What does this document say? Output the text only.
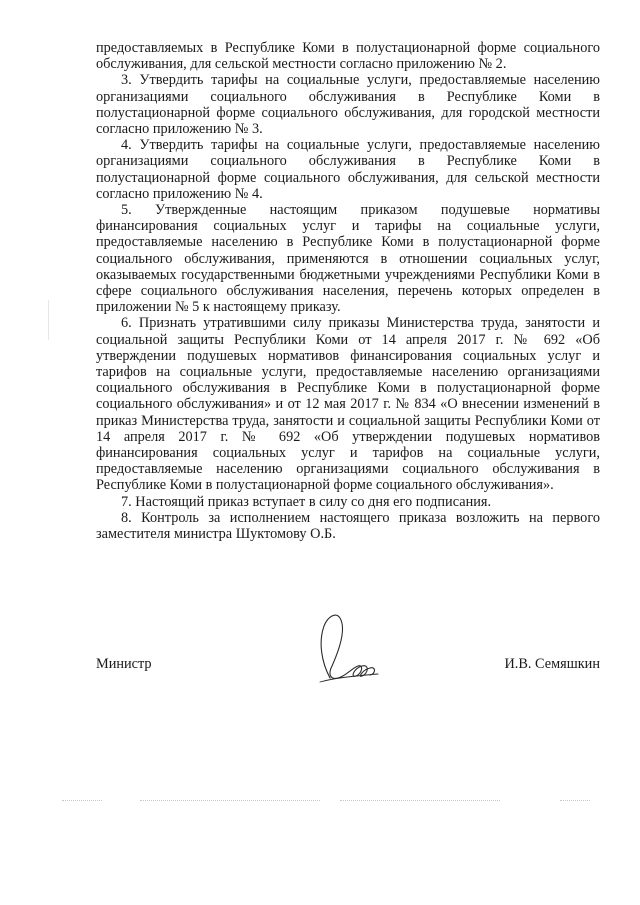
предоставляемых в Республике Коми в полустационарной форме социального обслуживания, для сельской местности согласно приложению № 2.

3. Утвердить тарифы на социальные услуги, предоставляемые населению организациями социального обслуживания в Республике Коми в полустационарной форме социального обслуживания, для городской местности согласно приложению № 3.

4. Утвердить тарифы на социальные услуги, предоставляемые населению организациями социального обслуживания в Республике Коми в полустационарной форме социального обслуживания, для сельской местности согласно приложению № 4.

5. Утвержденные настоящим приказом подушевые нормативы финансирования социальных услуг и тарифы на социальные услуги, предоставляемые населению в Республике Коми в полустационарной форме социального обслуживания, применяются в отношении социальных услуг, оказываемых государственными бюджетными учреждениями Республики Коми в сфере социального обслуживания населения, перечень которых определен в приложении № 5 к настоящему приказу.

6. Признать утратившими силу приказы Министерства труда, занятости и социальной защиты Республики Коми от 14 апреля 2017 г. № 692 «Об утверждении подушевых нормативов финансирования социальных услуг и тарифов на социальные услуги, предоставляемые населению организациями социального обслуживания в Республике Коми в полустационарной форме социального обслуживания» и от 12 мая 2017 г. № 834 «О внесении изменений в приказ Министерства труда, занятости и социальной защиты Республики Коми от 14 апреля 2017 г. № 692 «Об утверждении подушевых нормативов финансирования социальных услуг и тарифов на социальные услуги, предоставляемые населению организациями социального обслуживания в Республике Коми в полустационарной форме социального обслуживания».

7. Настоящий приказ вступает в силу со дня его подписания.

8. Контроль за исполнением настоящего приказа возложить на первого заместителя министра Шуктомову О.Б.

Министр	И.В. Семяшкин
